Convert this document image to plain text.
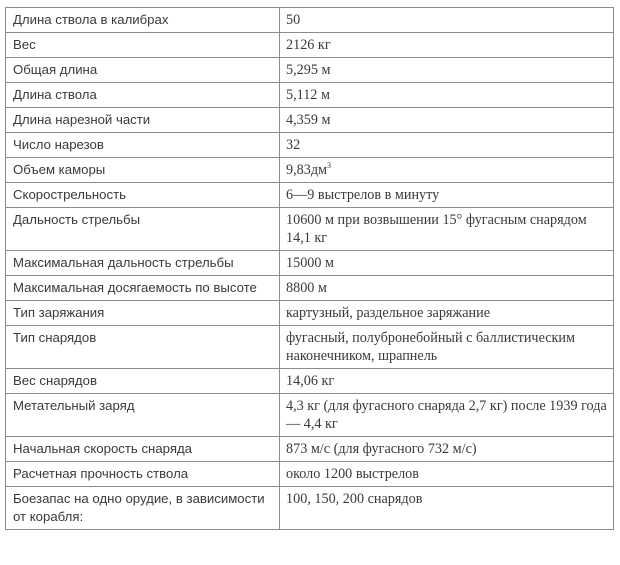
Длина ствола в калибрах	50
Вес	2126 кг
Общая длина	5,295 м
Длина ствола	5,112 м
Длина нарезной части	4,359 м
Число нарезов	32
Объем каморы	$9,83дм^3$
Скорострельность	6—9 выстрелов в минуту
Дальность стрельбы	10600 м при возвышении 15° фугасным снарядом 14,1 кг
Максимальная дальность стрельбы	15000 м
Максимальная досягаемость по высоте	8800 м
Тип заряжания	картузный, раздельное заряжание
Тип снарядов	фугасный, полубронебойный с баллистическим наконечником, шрапнель
Вес снарядов	14,06 кг
Метательный заряд	4,3 кг (для фугасного снаряда 2,7 кг) после 1939 года — 4,4 кг
Начальная скорость снаряда	873 м/с (для фугасного 732 м/с)
Расчетная прочность ствола	около 1200 выстрелов
Боезапас на одно орудие, в зависимости от корабля:	100, 150, 200 снарядов
